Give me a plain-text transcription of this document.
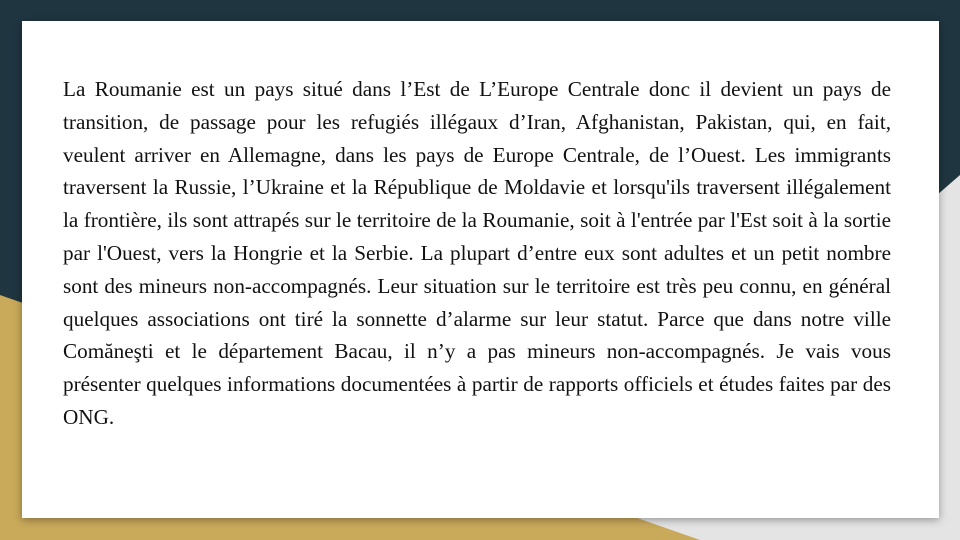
La Roumanie est un pays situé dans l’Est de L’Europe Centrale donc il devient un pays de transition, de passage pour les refugiés illégaux d’Iran, Afghanistan, Pakistan, qui, en fait, veulent arriver en Allemagne, dans les pays de Europe Centrale, de l’Ouest. Les immigrants traversent la Russie, l’Ukraine et la République de Moldavie et lorsqu'ils traversent illégalement la frontière, ils sont attrapés sur le territoire de la Roumanie, soit à l'entrée par l'Est soit à la sortie par l'Ouest, vers la Hongrie et la Serbie. La plupart d’entre eux sont adultes et un petit nombre sont des mineurs non-accompagnés. Leur situation sur le territoire est très peu connu, en général quelques associations ont tiré la sonnette d’alarme sur leur statut. Parce que dans notre ville Comăneşti et le département Bacau, il n’y a pas mineurs non-accompagnés. Je vais vous présenter quelques informations documentées à partir de rapports officiels et études faites par des ONG.
